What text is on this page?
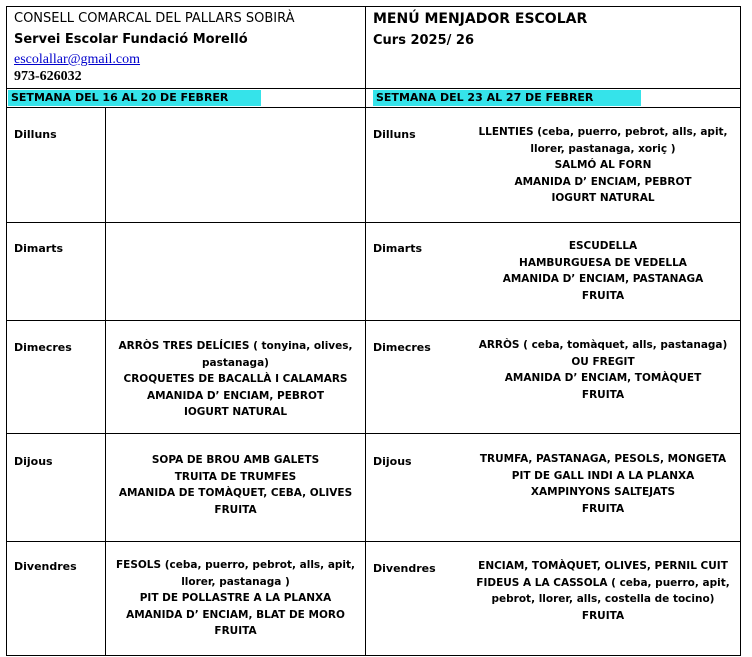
CONSELL COMARCAL DEL PALLARS SOBIRÀ
Servei Escolar Fundació Morelló
escolallar@gmail.com
973-626032
MENÚ MENJADOR ESCOLAR
Curs 2025/ 26
SETMANA DEL 16 AL 20 DE FEBRER	SETMANA DEL 23 AL 27 DE FEBRER
Dilluns
Dimarts
Dimecres
Dijous
Divendres
Dilluns
Dimarts
Dimecres
Dijous
Divendres
ARRÒS TRES DELÍCIES ( tonyina, olives,
pastanaga)
CROQUETES DE BACALLÀ I CALAMARS
AMANIDA D’ ENCIAM, PEBROT
IOGURT NATURAL
SOPA DE BROU AMB GALETS
TRUITA DE TRUMFES
AMANIDA DE TOMÀQUET, CEBA, OLIVES
FRUITA
FESOLS (ceba, puerro, pebrot, alls, apit,
llorer, pastanaga )
PIT DE POLLASTRE A LA PLANXA
AMANIDA D’ ENCIAM, BLAT DE MORO
FRUITA
LLENTIES (ceba, puerro, pebrot, alls, apit,
llorer, pastanaga, xoriç )
SALMÓ AL FORN
AMANIDA D’ ENCIAM, PEBROT
IOGURT NATURAL
ESCUDELLA
HAMBURGUESA DE VEDELLA
AMANIDA D’ ENCIAM, PASTANAGA
FRUITA
ARRÒS ( ceba, tomàquet, alls, pastanaga)
OU FREGIT
AMANIDA D’ ENCIAM, TOMÀQUET
FRUITA
TRUMFA, PASTANAGA, PESOLS, MONGETA
PIT DE GALL INDI A LA PLANXA
XAMPINYONS SALTEJATS
FRUITA
ENCIAM, TOMÀQUET, OLIVES, PERNIL CUIT
FIDEUS A LA CASSOLA ( ceba, puerro, apit,
pebrot, llorer, alls, costella de tocino)
FRUITA
